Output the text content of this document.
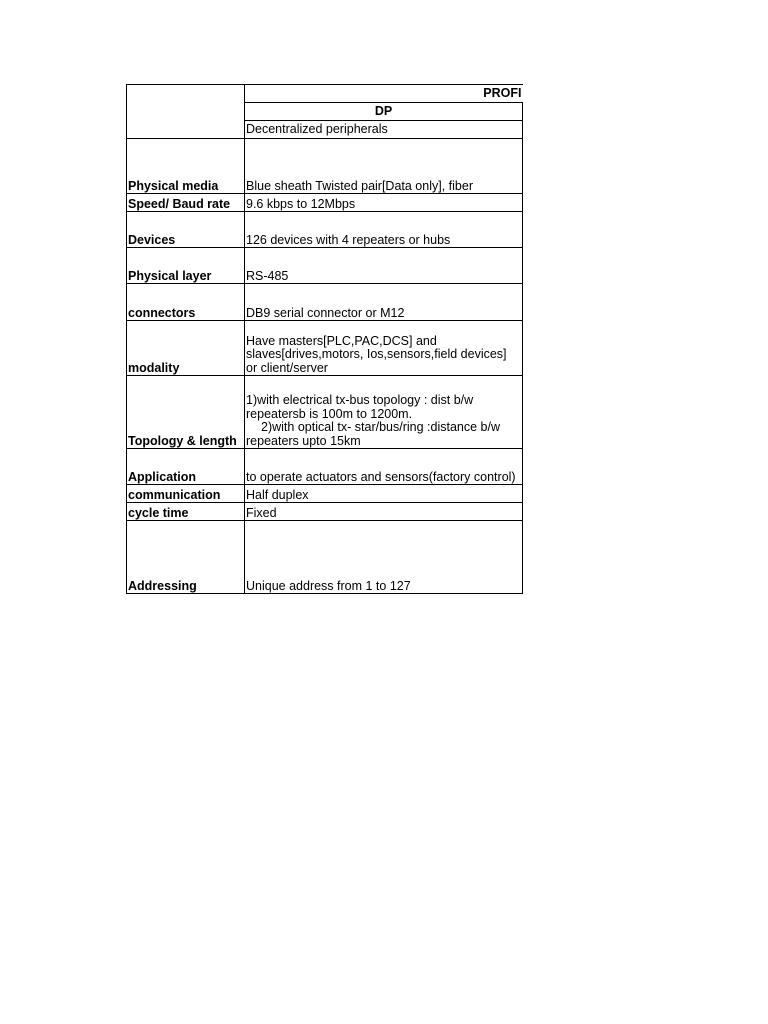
	PROFI
	DP
	Decentralized peripherals
Physical media	Blue sheath Twisted pair[Data only], fiber
Speed/ Baud rate	9.6 kbps to 12Mbps
Devices	126 devices with 4 repeaters or hubs
Physical layer	RS-485
connectors	DB9 serial connector or M12
modality	Have masters[PLC,PAC,DCS] and slaves[drives,motors, Ios,sensors,field devices] or client/server
Topology & length	1)with electrical tx-bus topology : dist b/w repeatersb is 100m to 1200m.
2)with optical tx- star/bus/ring :distance b/w repeaters upto 15km

Application	to operate actuators and sensors(factory control)
communication	Half duplex
cycle time	Fixed
Addressing	Unique address from 1 to 127
